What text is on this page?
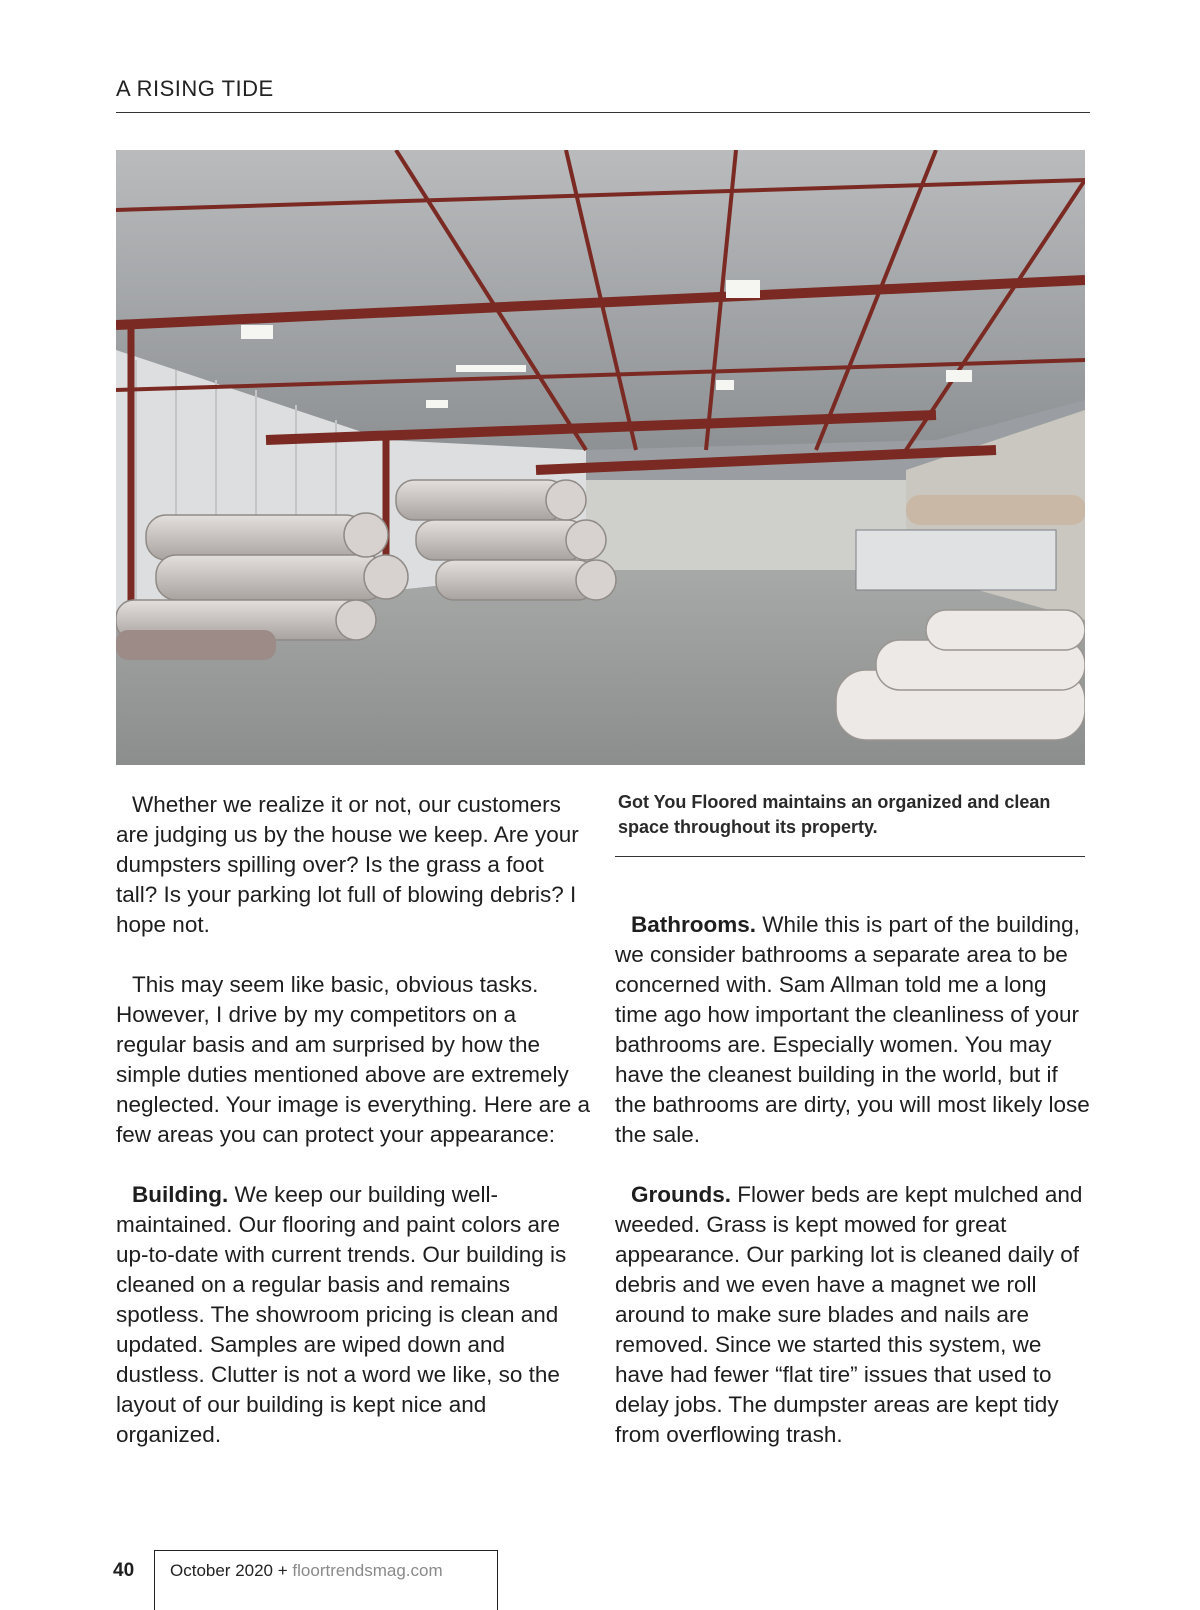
A RISING TIDE

Whether we realize it or not, our customers are judging us by the house we keep. Are your dumpsters spilling over? Is the grass a foot tall? Is your parking lot full of blowing debris? I hope not.

This may seem like basic, obvious tasks. However, I drive by my competitors on a regular basis and am surprised by how the simple duties mentioned above are extremely neglected. Your image is everything. Here are a few areas you can protect your appearance:

Building. We keep our building well-maintained. Our flooring and paint colors are up-to-date with current trends. Our building is cleaned on a regular basis and remains spotless. The showroom pricing is clean and updated. Samples are wiped down and dustless. Clutter is not a word we like, so the layout of our building is kept nice and organized.

Got You Floored maintains an organized and clean space throughout its property.

Bathrooms. While this is part of the building, we consider bathrooms a separate area to be concerned with. Sam Allman told me a long time ago how important the cleanliness of your bathrooms are. Especially women. You may have the cleanest building in the world, but if the bathrooms are dirty, you will most likely lose the sale.

Grounds. Flower beds are kept mulched and weeded. Grass is kept mowed for great appearance. Our parking lot is cleaned daily of debris and we even have a magnet we roll around to make sure blades and nails are removed. Since we started this system, we have had fewer “flat tire” issues that used to delay jobs. The dumpster areas are kept tidy from overflowing trash.

40 October 2020 + floortrendsmag.com
